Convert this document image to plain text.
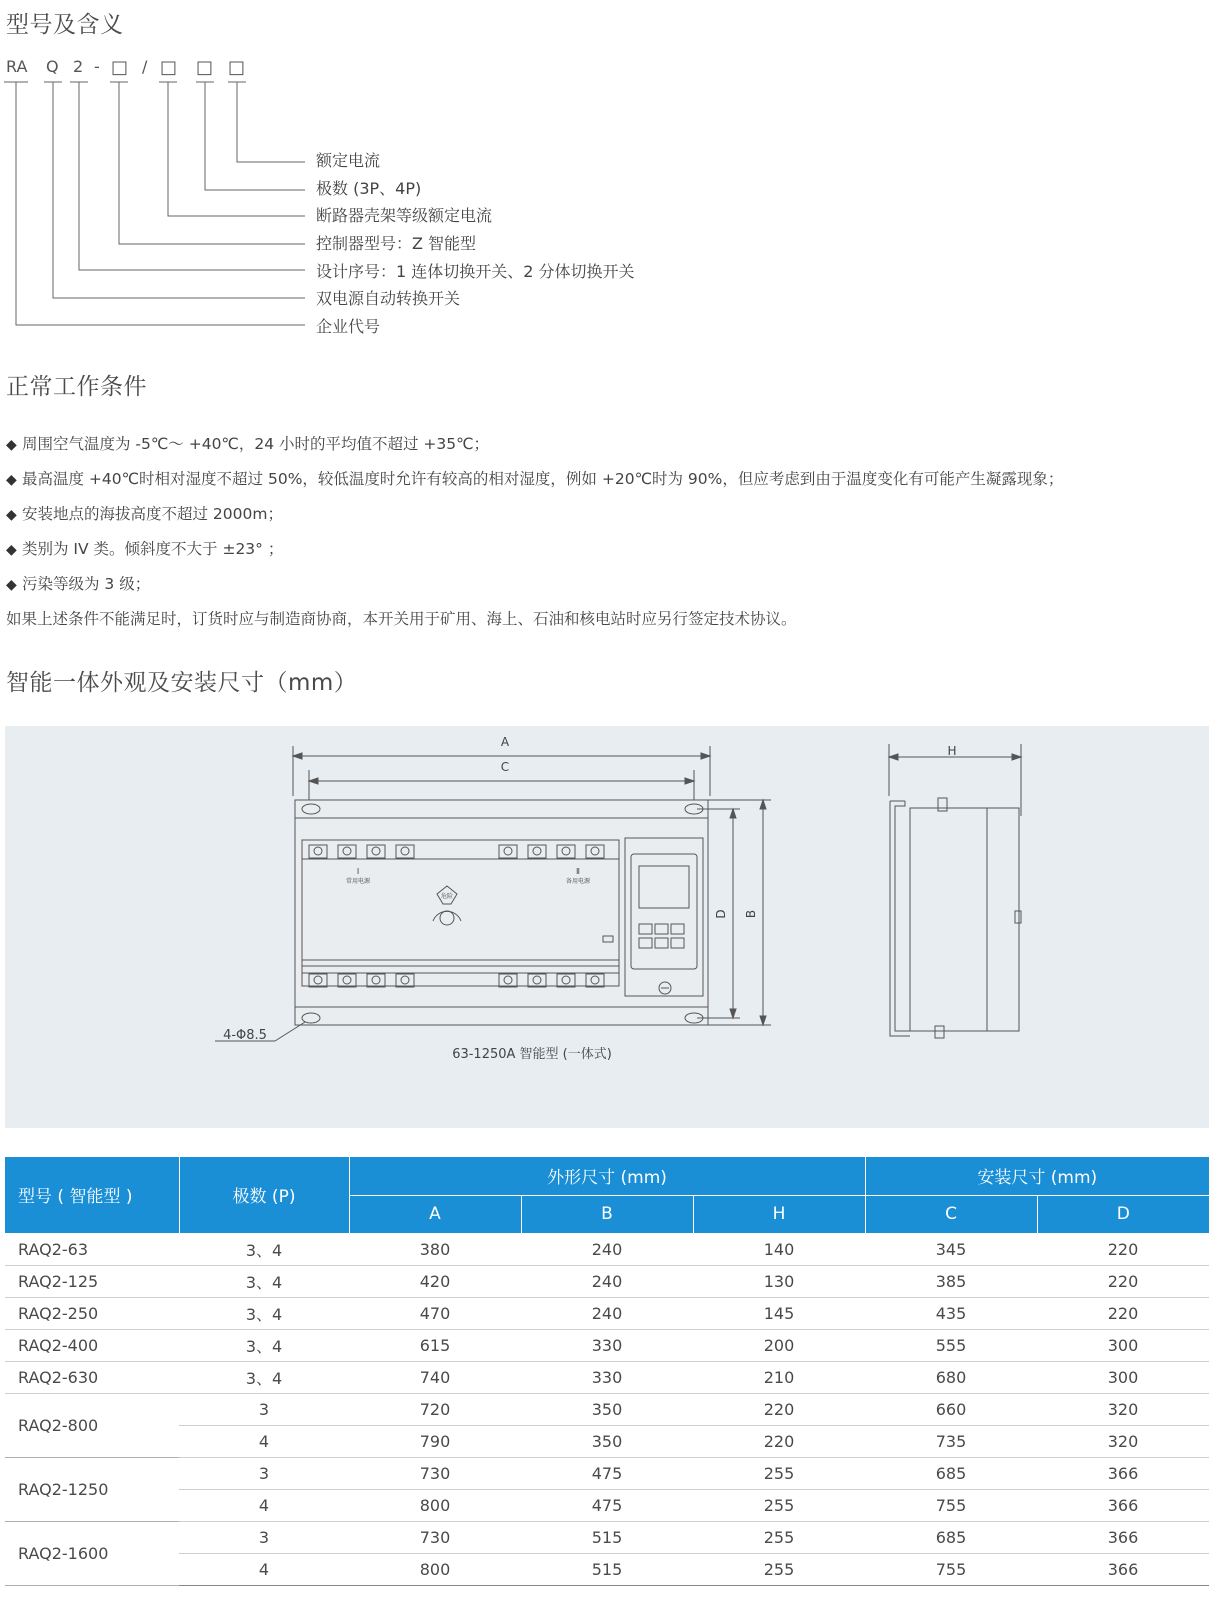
型号及含义
RA Q 2 - □ / □ □ □
额定电流
极数 (3P、4P)
断路器壳架等级额定电流
控制器型号：Z 智能型
设计序号：1 连体切换开关、2 分体切换开关
双电源自动转换开关
企业代号
正常工作条件
◆ 周围空气温度为 -5℃～ +40℃，24 小时的平均值不超过 +35℃；
◆ 最高温度 +40℃时相对湿度不超过 50%，较低温度时允许有较高的相对湿度，例如 +20℃时为 90%，但应考虑到由于温度变化有可能产生凝露现象；
◆ 安装地点的海拔高度不超过 2000m；
◆ 类别为 IV 类。倾斜度不大于 ±23° ；
◆ 污染等级为 3 级；
如果上述条件不能满足时，订货时应与制造商协商，本开关用于矿用、海上、石油和核电站时应另行签定技术协议。
智能一体外观及安装尺寸（mm）
A
C
H
D B
Ⅰ
常用电源
Ⅱ
备用电源
危险
4-Φ8.5
63-1250A 智能型 (一体式)
型号 ( 智能型 )	极数 (P)	外形尺寸 (mm)			安装尺寸 (mm)	
		A	B	H	C	D
RAQ2-63	3、4	380	240	140	345	220
RAQ2-125	3、4	420	240	130	385	220
RAQ2-250	3、4	470	240	145	435	220
RAQ2-400	3、4	615	330	200	555	300
RAQ2-630	3、4	740	330	210	680	300
RAQ2-800	3	720	350	220	660	320
	4	790	350	220	735	320
RAQ2-1250	3	730	475	255	685	366
	4	800	475	255	755	366
RAQ2-1600	3	730	515	255	685	366
	4	800	515	255	755	366
